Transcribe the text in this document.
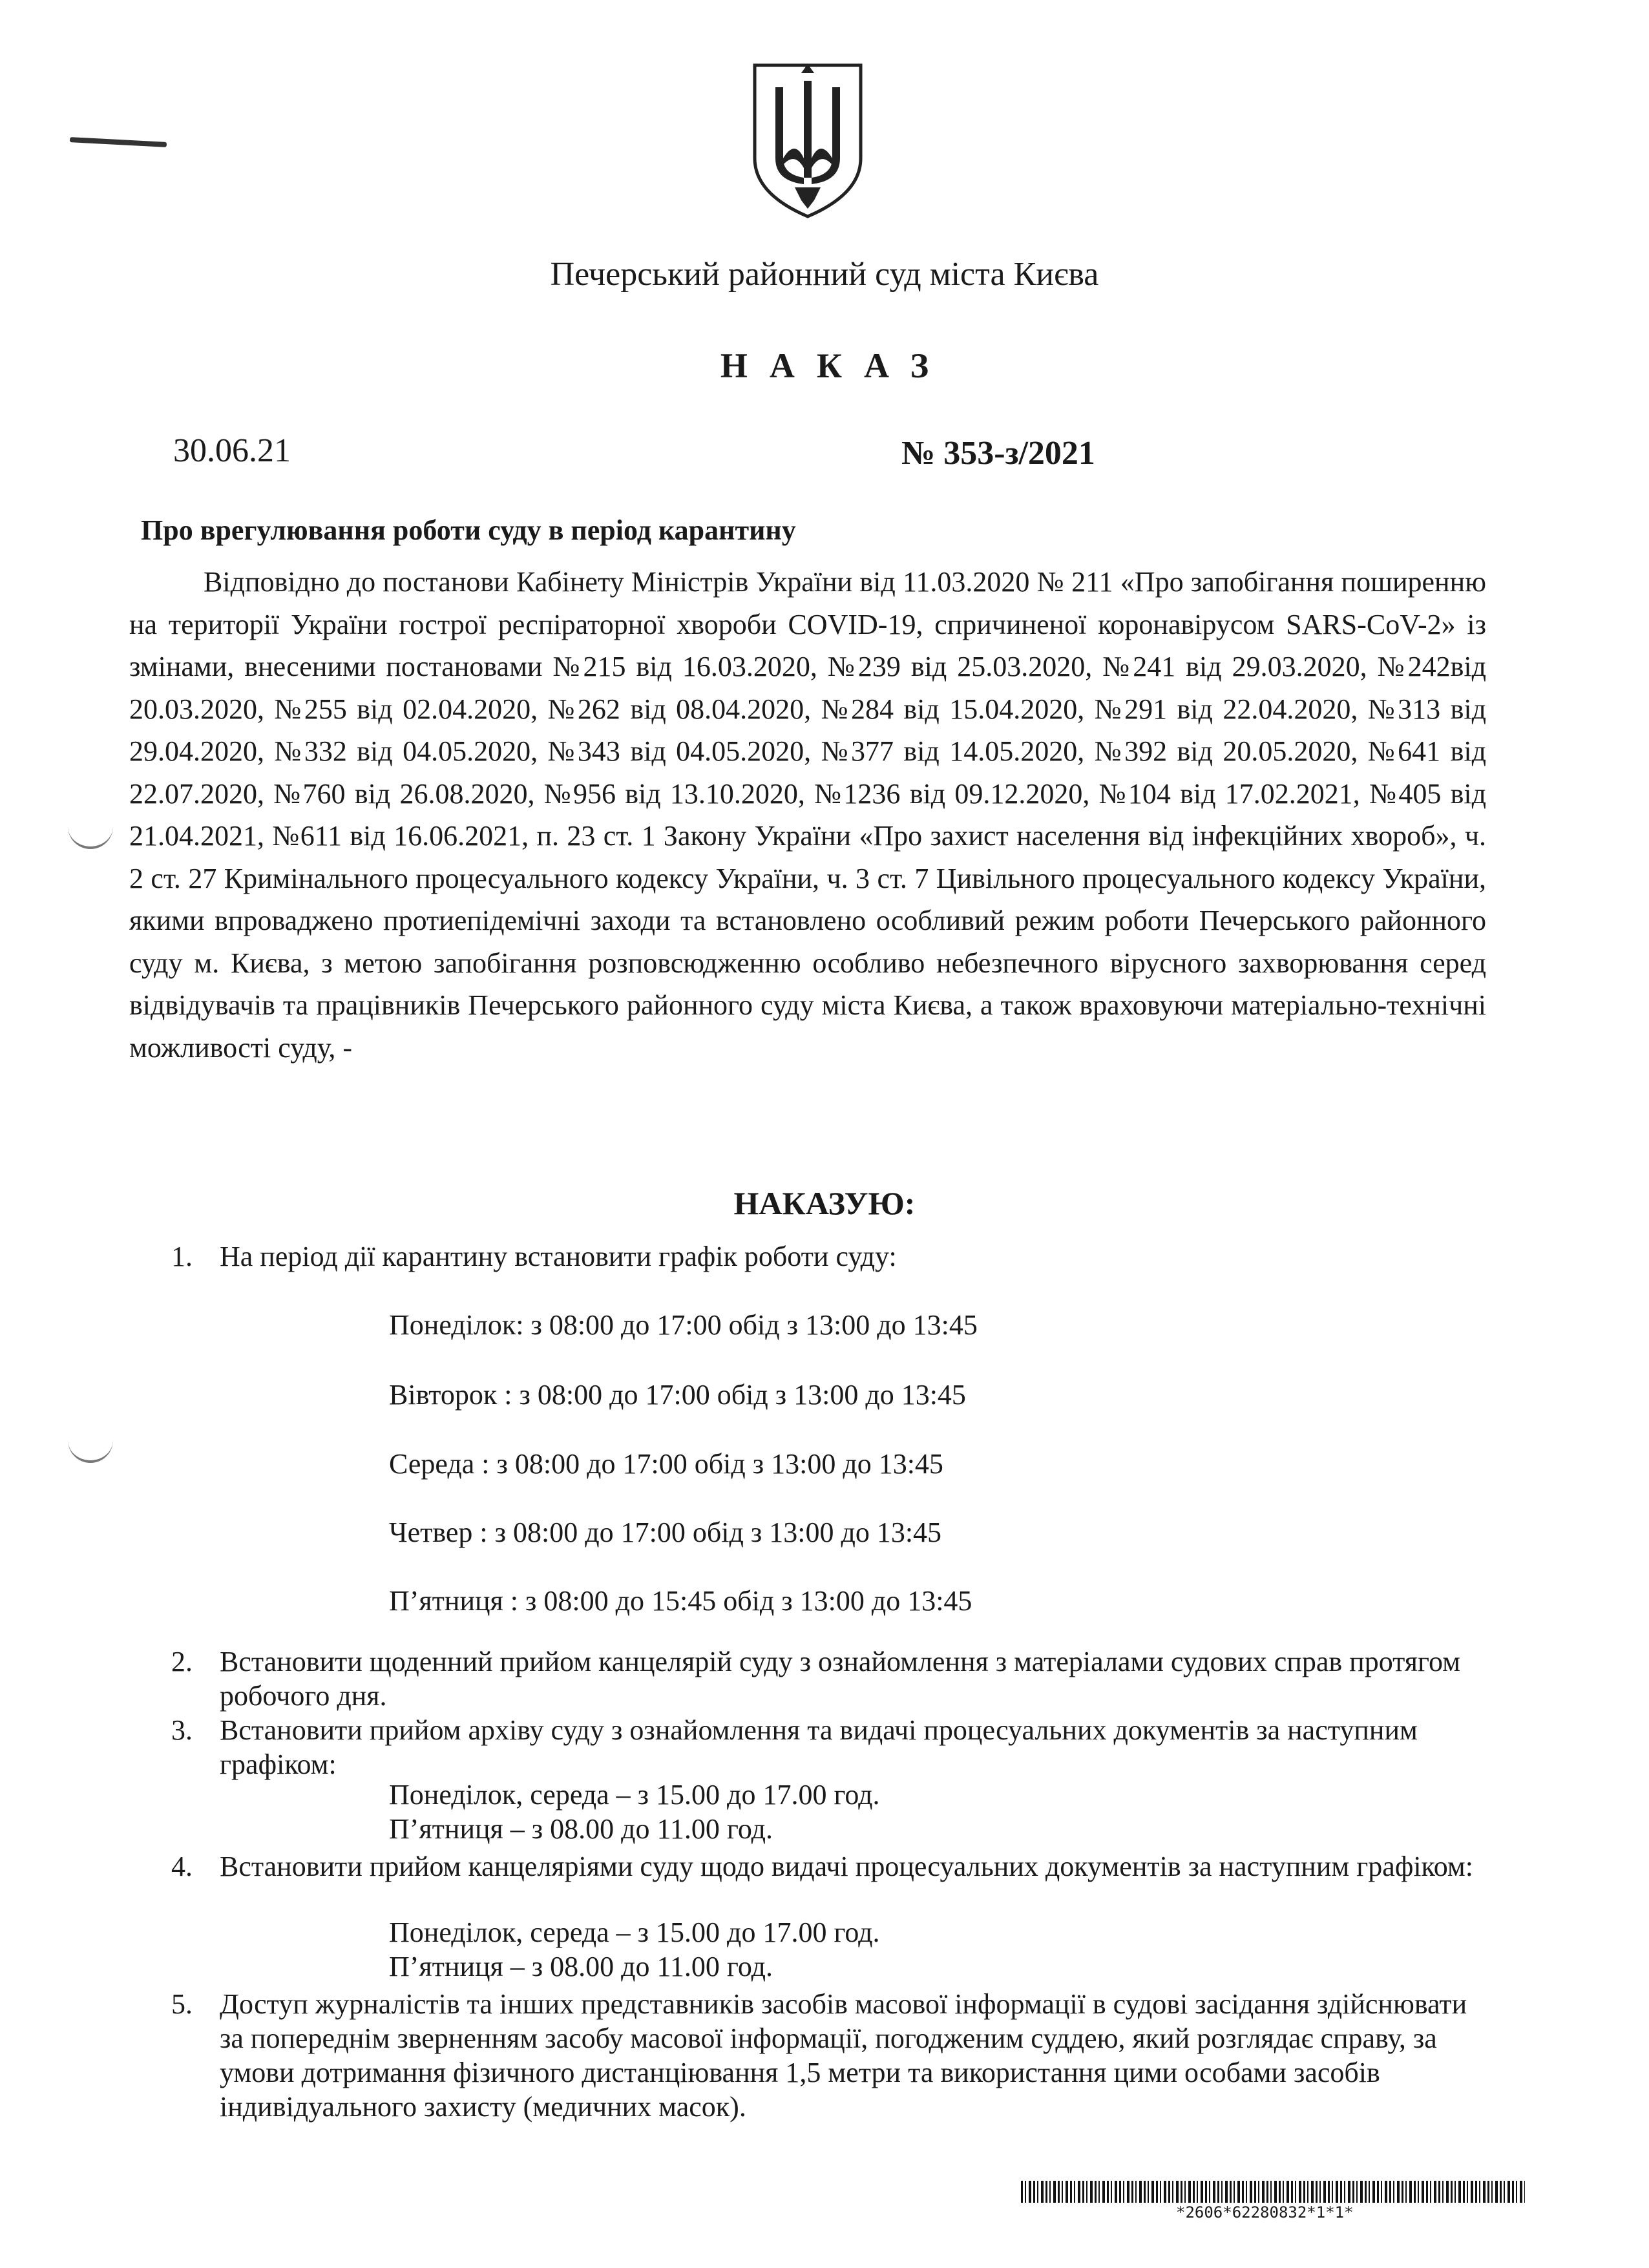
Печерський районний суд міста Києва
НАКАЗ
30.06.21	№ 353-з/2021
Про врегулювання роботи суду в період карантину

Відповідно до постанови Кабінету Міністрів України від 11.03.2020 № 211 «Про запобігання поширенню на території України гострої респіраторної хвороби COVID-19, спричиненої коронавірусом SARS-CoV-2» із змінами, внесеними постановами №215 від 16.03.2020, №239 від 25.03.2020, №241 від 29.03.2020, №242від 20.03.2020, №255 від 02.04.2020, №262 від 08.04.2020, №284 від 15.04.2020, №291 від 22.04.2020, №313 від 29.04.2020, №332 від 04.05.2020, №343 від 04.05.2020, №377 від 14.05.2020, №392 від 20.05.2020, №641 від 22.07.2020, №760 від 26.08.2020, №956 від 13.10.2020, №1236 від 09.12.2020, №104 від 17.02.2021, №405 від 21.04.2021, №611 від 16.06.2021, п. 23 ст. 1 Закону України «Про захист населення від інфекційних хвороб», ч. 2 ст. 27 Кримінального процесуального кодексу України, ч. 3 ст. 7 Цивільного процесуального кодексу України, якими впроваджено протиепідемічні заходи та встановлено особливий режим роботи Печерського районного суду м. Києва, з метою запобігання розповсюдженню особливо небезпечного вірусного захворювання серед відвідувачів та працівників Печерського районного суду міста Києва, а також враховуючи матеріально-технічні можливості суду, -

НАКАЗУЮ:
1. На період дії карантину встановити графік роботи суду:
Понеділок: з 08:00 до 17:00 обід з 13:00 до 13:45
Вівторок : з 08:00 до 17:00 обід з 13:00 до 13:45
Середа : з 08:00 до 17:00 обід з 13:00 до 13:45
Четвер : з 08:00 до 17:00 обід з 13:00 до 13:45
П’ятниця : з 08:00 до 15:45 обід з 13:00 до 13:45
2. Встановити щоденний прийом канцелярій суду з ознайомлення з матеріалами судових справ протягом робочого дня.
3. Встановити прийом архіву суду з ознайомлення та видачі процесуальних документів за наступним графіком:
Понеділок, середа – з 15.00 до 17.00 год.
П’ятниця – з 08.00 до 11.00 год.
4. Встановити прийом канцеляріями суду щодо видачі процесуальних документів за наступним графіком:
Понеділок, середа – з 15.00 до 17.00 год.
П’ятниця – з 08.00 до 11.00 год.
5. Доступ журналістів та інших представників засобів масової інформації в судові засідання здійснювати за попереднім зверненням засобу масової інформації, погодженим суддею, який розглядає справу, за умови дотримання фізичного дистанціювання 1,5 метри та використання цими особами засобів індивідуального захисту (медичних масок).
*2606*62280832*1*1*
